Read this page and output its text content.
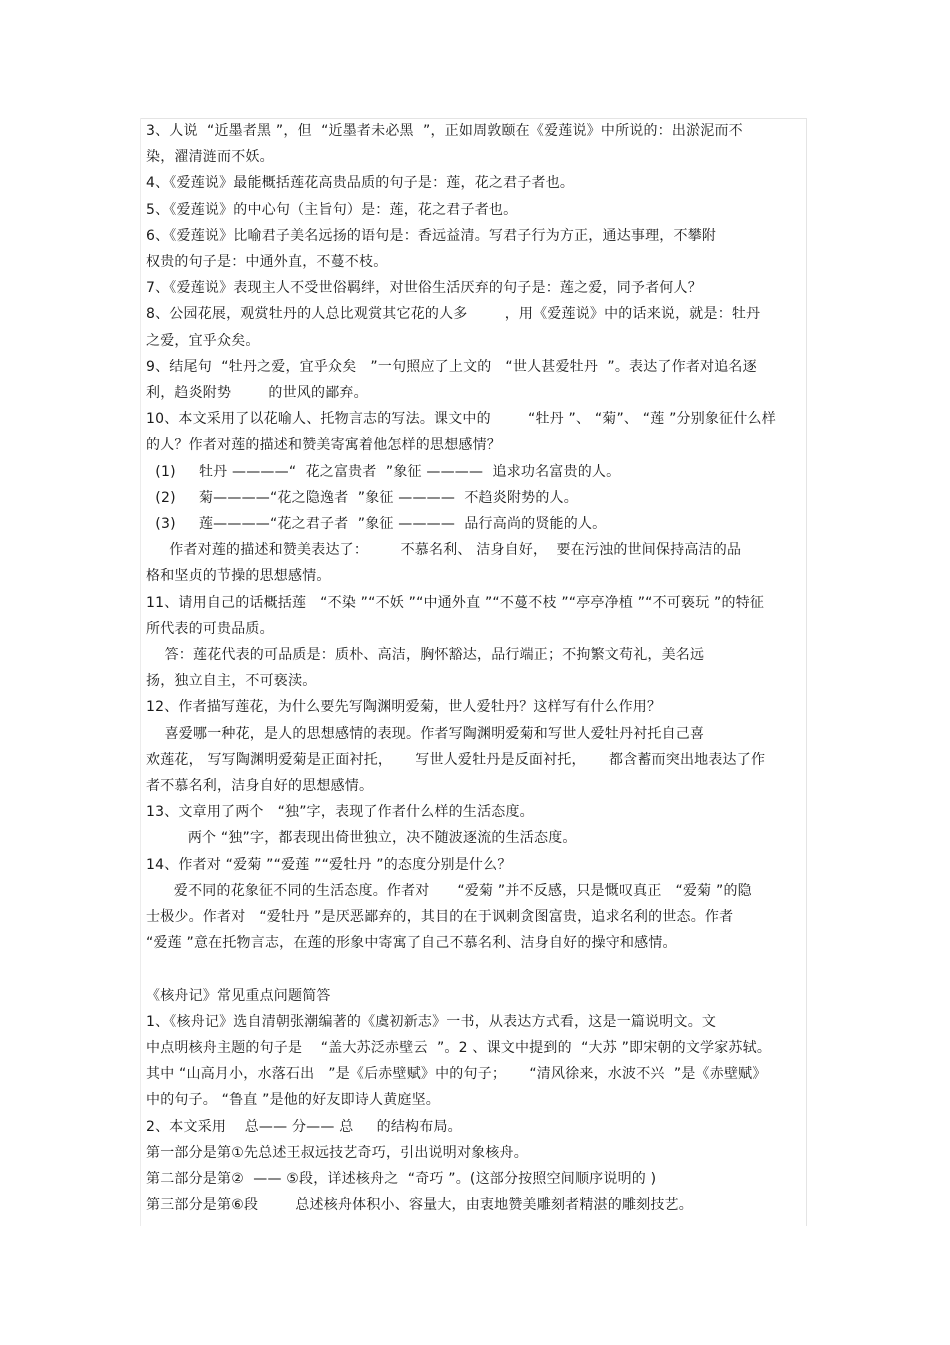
3、人说  “近墨者黑 ”，但  “近墨者未必黑  ”，正如周敦颐在《爱莲说》中所说的：出淤泥而不
染，濯清涟而不妖。
4、《爱莲说》最能概括莲花高贵品质的句子是：莲，花之君子者也。
5、《爱莲说》的中心句（主旨句）是：莲，花之君子者也。
6、《爱莲说》比喻君子美名远扬的语句是：香远益清。写君子行为方正，通达事理，不攀附
权贵的句子是：中通外直，不蔓不枝。
7、《爱莲说》表现主人不受世俗羁绊，对世俗生活厌弃的句子是：莲之爱，同予者何人？
8、公园花展，观赏牡丹的人总比观赏其它花的人多        ，用《爱莲说》中的话来说，就是：牡丹
之爱，宜乎众矣。
9、结尾句  “牡丹之爱，宜乎众矣   ”一句照应了上文的   “世人甚爱牡丹  ”。表达了作者对追名逐
利，趋炎附势        的世风的鄙弃。
10、本文采用了以花喻人、托物言志的写法。课文中的        “牡丹 ”、 “菊”、 “莲 ”分别象征什么样
的人？作者对莲的描述和赞美寄寓着他怎样的思想感情？
(1)     牡丹 ————“  花之富贵者  ”象征 ————  追求功名富贵的人。
(2)     菊————“花之隐逸者  ”象征 ————  不趋炎附势的人。
(3)     莲————“花之君子者  ”象征 ————  品行高尚的贤能的人。
作者对莲的描述和赞美表达了：       不慕名利、 洁身自好，  要在污浊的世间保持高洁的品
格和坚贞的节操的思想感情。
11、请用自己的话概括莲   “不染 ”“不妖 ”“中通外直 ”“不蔓不枝 ”“亭亭净植 ”“不可亵玩 ”的特征
所代表的可贵品质。
答：莲花代表的可品质是：质朴、高洁，胸怀豁达，品行端正；不拘繁文苟礼，美名远
扬，独立自主，不可亵渎。
12、作者描写莲花，为什么要先写陶渊明爱菊，世人爱牡丹？这样写有什么作用？
喜爱哪一种花，是人的思想感情的表现。作者写陶渊明爱菊和写世人爱牡丹衬托自己喜
欢莲花， 写写陶渊明爱菊是正面衬托，     写世人爱牡丹是反面衬托，     都含蓄而突出地表达了作
者不慕名利，洁身自好的思想感情。
13、文章用了两个   “独”字，表现了作者什么样的生活态度。
两个 “独”字，都表现出倚世独立，决不随波逐流的生活态度。
14、作者对 “爱菊 ”“爱莲 ”“爱牡丹 ”的态度分别是什么？
爱不同的花象征不同的生活态度。作者对      “爱菊 ”并不反感，只是慨叹真正   “爱菊 ”的隐
士极少。作者对   “爱牡丹 ”是厌恶鄙弃的，其目的在于讽刺贪图富贵，追求名利的世态。作者
“爱莲 ”意在托物言志，在莲的形象中寄寓了自己不慕名利、洁身自好的操守和感情。
《核舟记》常见重点问题简答
1、《核舟记》选自清朝张潮编著的《虞初新志》一书，从表达方式看，这是一篇说明文。文
中点明核舟主题的句子是    “盖大苏泛赤壁云  ”。2 、课文中提到的  “大苏 ”即宋朝的文学家苏轼。
其中 “山高月小，水落石出   ”是《后赤壁赋》中的句子；     “清风徐来，水波不兴  ”是《赤壁赋》
中的句子。 “鲁直 ”是他的好友即诗人黄庭坚。
2、本文采用    总—— 分—— 总     的结构布局。
第一部分是第①先总述王叔远技艺奇巧，引出说明对象核舟。
第二部分是第②  —— ⑤段，详述核舟之  “奇巧 ”。(这部分按照空间顺序说明的 )
第三部分是第⑥段        总述核舟体积小、容量大，由衷地赞美雕刻者精湛的雕刻技艺。
